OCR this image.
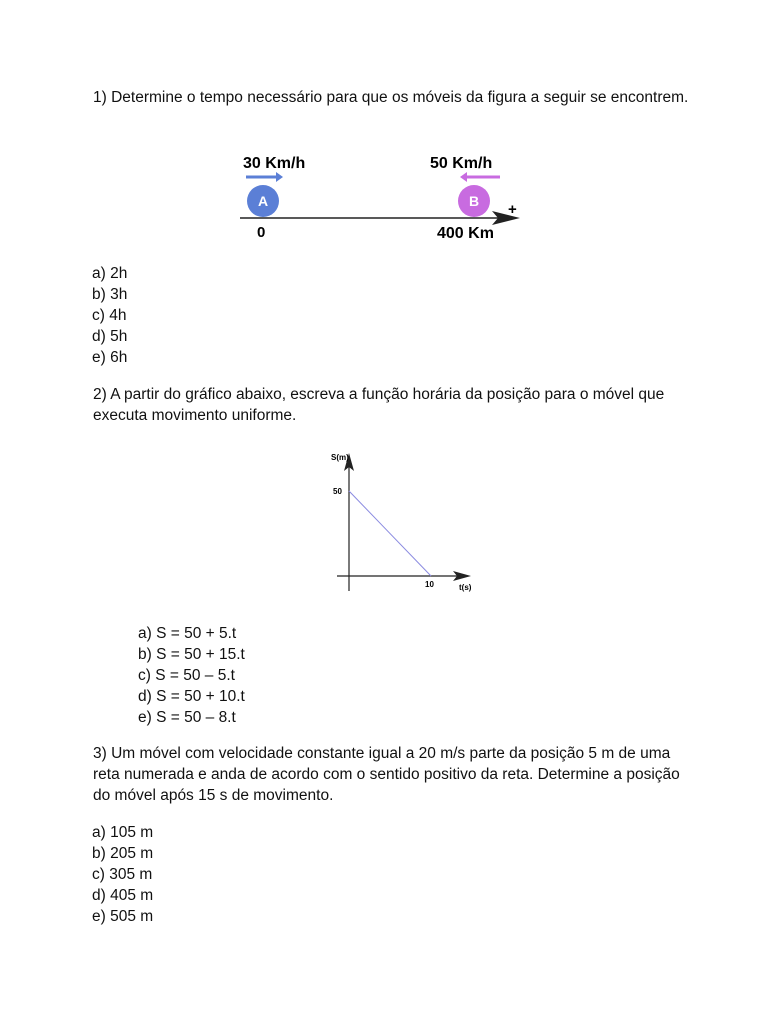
1) Determine o tempo necessário para que os móveis da figura a seguir se encontrem.
30 Km/h	50 Km/h
A	B +
0	400 Km
a) 2h
b) 3h
c) 4h
d) 5h
e) 6h
2) A partir do gráfico abaixo, escreva a função horária da posição para o móvel que executa movimento uniforme.
S(m)
t(s)
50
10
a) S = 50 + 5.t
b) S = 50 + 15.t
c) S = 50 – 5.t
d) S = 50 + 10.t
e) S = 50 – 8.t
3) Um móvel com velocidade constante igual a 20 m/s parte da posição 5 m de uma reta numerada e anda de acordo com o sentido positivo da reta. Determine a posição do móvel após 15 s de movimento.
a) 105 m
b) 205 m
c) 305 m
d) 405 m
e) 505 m
